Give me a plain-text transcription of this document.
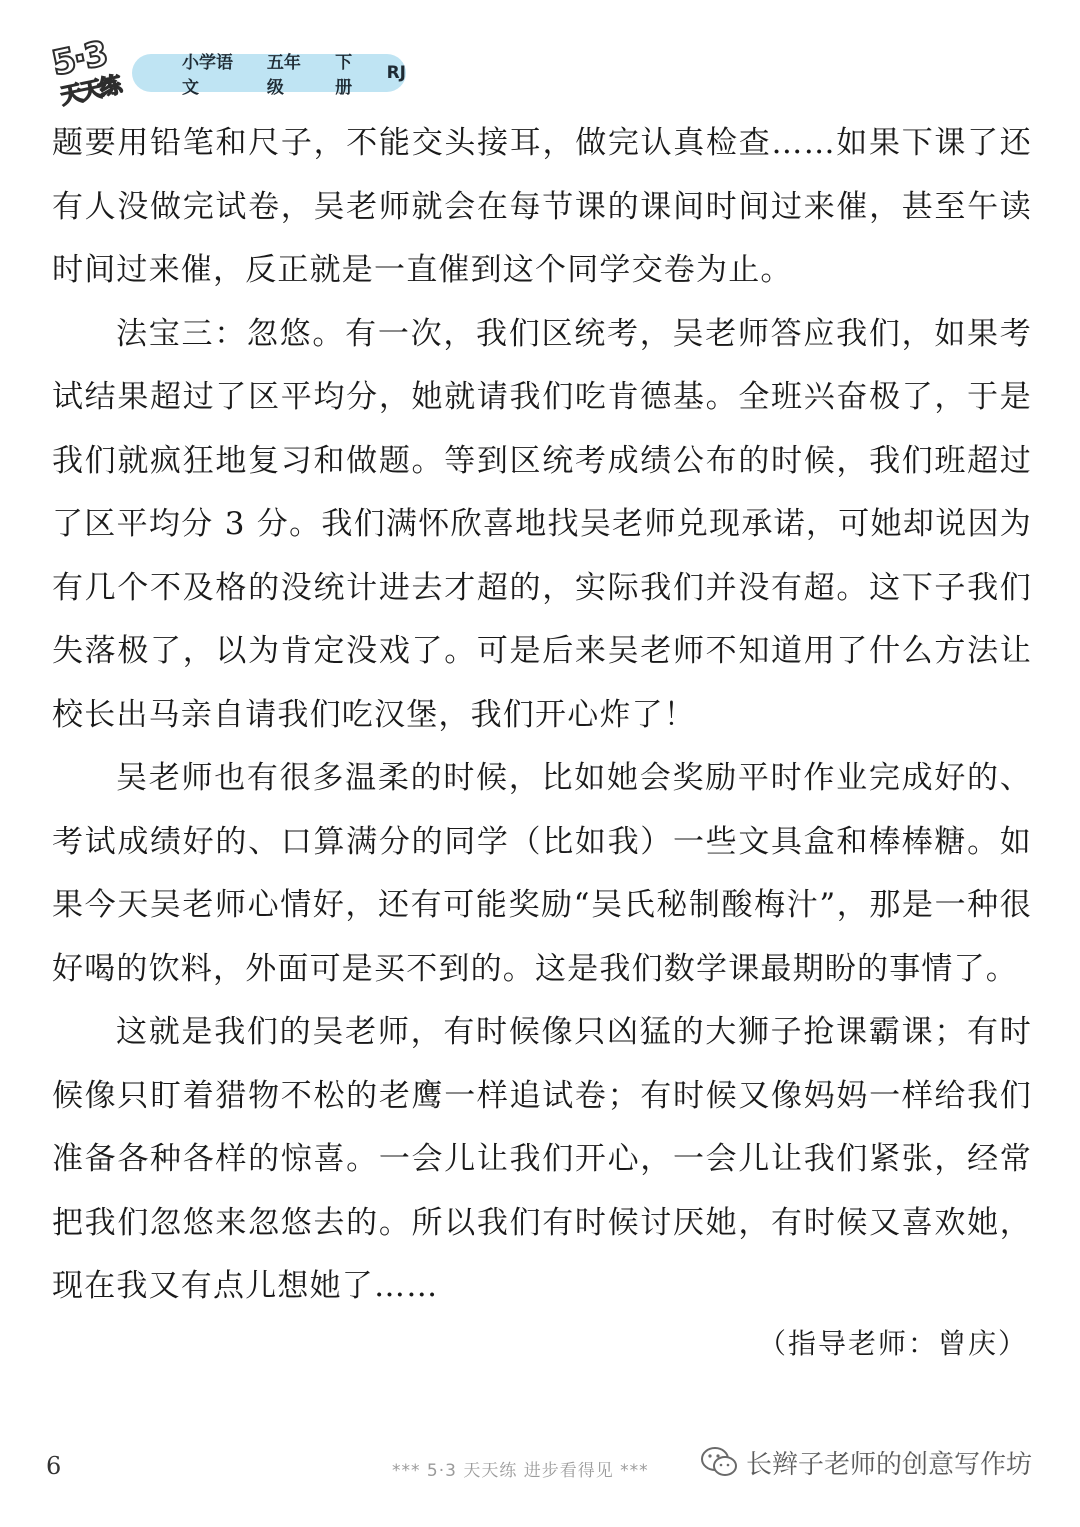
5·3
天天练
小学语文
五年级
下册
RJ

题要用铅笔和尺子，不能交头接耳，做完认真检查……如果下课了还有人没做完试卷，吴老师就会在每节课的课间时间过来催，甚至午读时间过来催，反正就是一直催到这个同学交卷为止。

法宝三：忽悠。有一次，我们区统考，吴老师答应我们，如果考试结果超过了区平均分，她就请我们吃肯德基。全班兴奋极了，于是我们就疯狂地复习和做题。等到区统考成绩公布的时候，我们班超过了区平均分 3 分。我们满怀欣喜地找吴老师兑现承诺，可她却说因为有几个不及格的没统计进去才超的，实际我们并没有超。这下子我们失落极了，以为肯定没戏了。可是后来吴老师不知道用了什么方法让校长出马亲自请我们吃汉堡，我们开心炸了！

吴老师也有很多温柔的时候，比如她会奖励平时作业完成好的、考试成绩好的、口算满分的同学（比如我）一些文具盒和棒棒糖。如果今天吴老师心情好，还有可能奖励“吴氏秘制酸梅汁”，那是一种很好喝的饮料，外面可是买不到的。这是我们数学课最期盼的事情了。

这就是我们的吴老师，有时候像只凶猛的大狮子抢课霸课；有时候像只盯着猎物不松的老鹰一样追试卷；有时候又像妈妈一样给我们准备各种各样的惊喜。一会儿让我们开心，一会儿让我们紧张，经常把我们忽悠来忽悠去的。所以我们有时候讨厌她，有时候又喜欢她，现在我又有点儿想她了……

（指导老师：曾庆）
6	*** 5·3 天天练 进步看得见 ***	长辫子老师的创意写作坊
